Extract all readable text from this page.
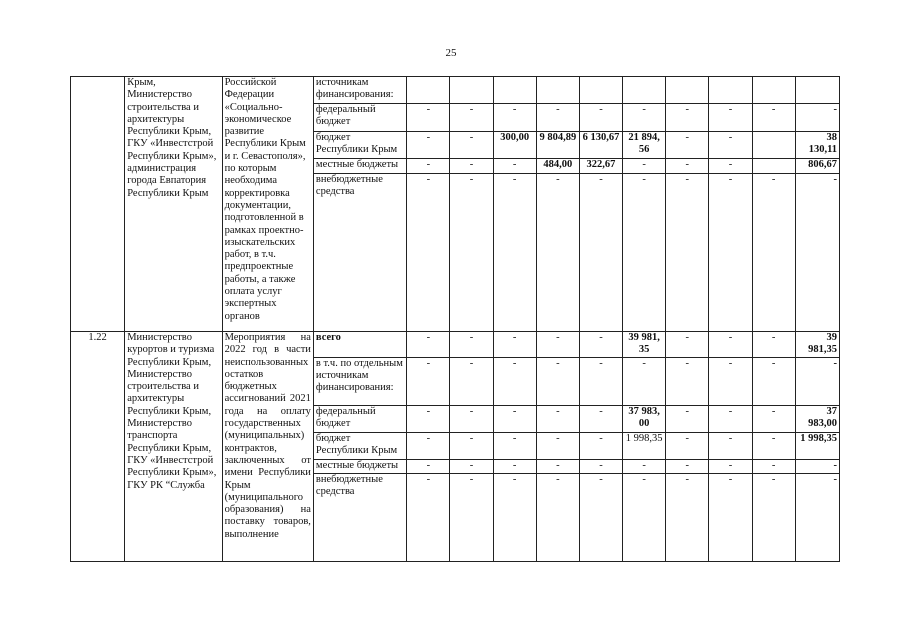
25
	Крым, Министерство строительства и архитектуры Республики Крым, ГКУ «Инвестстрой Республики Крым», администрация города Евпатория Республики Крым	Российской Федерации «Социально-экономическое развитие Республики Крым и г. Севастополя», по которым необходима корректировка документации, подготовленной в рамках проектно-изыскательских работ, в т.ч. предпроектные работы, а также оплата услуг экспертных органов	источникам финансирования:										
			федеральный бюджет	-	-	-	-	-	-	-	-	-	-
			бюджет Республики Крым	-	-	300,00	9 804,89	6 130,67	21 894, 56	-	-		38 130,11
			местные бюджеты	-	-	-	484,00	322,67	-	-	-		806,67
			внебюджетные средства	-	-	-	-	-	-	-	-	-	-
1.22	Министерство курортов и туризма Республики Крым, Министерство строительства и архитектуры Республики Крым, Министерство транспорта Республики Крым, ГКУ «Инвестстрой Республики Крым», ГКУ РК “Служба	Мероприятия на 2022 год в части неиспользованных остатков бюджетных ассигнований 2021 года на оплату государственных (муниципальных) контрактов, заключенных от имени Республики Крым (муниципального образования) на поставку товаров, выполнение	всего	-	-	-	-	-	39 981, 35	-	-	-	39 981,35
			в т.ч. по отдельным источникам финансирования:	-	-	-	-	-	-	-	-	-	-
			федеральный бюджет	-	-	-	-	-	37 983, 00	-	-	-	37 983,00
			бюджет Республики Крым	-	-	-	-	-	1 998,35	-	-	-	1 998,35
			местные бюджеты	-	-	-	-	-	-	-	-	-	-
			внебюджетные средства	-	-	-	-	-	-	-	-	-	-
